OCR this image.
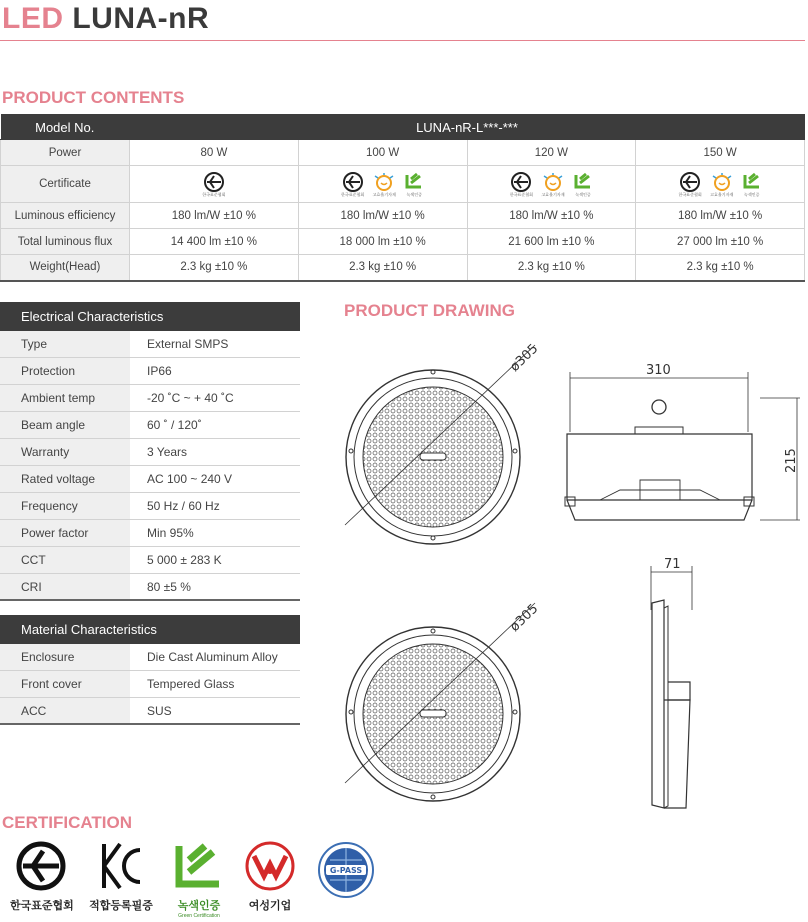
LED LUNA-nR
PRODUCT CONTENTS
Model No.	LUNA-nR-L***-***			
Power	80 W	100 W	120 W	150 W
Certificate	한국표준협회	한국표준협회 고효율기자재 녹색인증	한국표준협회 고효율기자재 녹색인증	한국표준협회 고효율기자재 녹색인증

Luminous efficiency	180 lm/W ±10 %	180 lm/W ±10 %	180 lm/W ±10 %	180 lm/W ±10 %
Total luminous flux	14 400 lm ±10 %	18 000 lm ±10 %	21 600 lm ±10 %	27 000 lm ±10 %
Weight(Head)	2.3 kg ±10 %	2.3 kg ±10 %	2.3 kg ±10 %	2.3 kg ±10 %
Electrical Characteristics
Type	External SMPS
Protection	IP66
Ambient temp	-20 ˚C ~ + 40 ˚C
Beam angle	60 ˚ / 120˚
Warranty	3 Years
Rated voltage	AC 100 ~ 240 V
Frequency	50 Hz / 60 Hz
Power factor	Min 95%
CCT	5 000 ± 283 K
CRI	80 ±5 %
Material Characteristics
Enclosure	Die Cast Aluminum Alloy
Front cover	Tempered Glass
ACC	SUS
PRODUCT DRAWING
ø305	310
215
71
ø305
CERTIFICATION
한국표준협회 적합등록필증	녹색인증
Green Certification
여성기업
G-PASS
